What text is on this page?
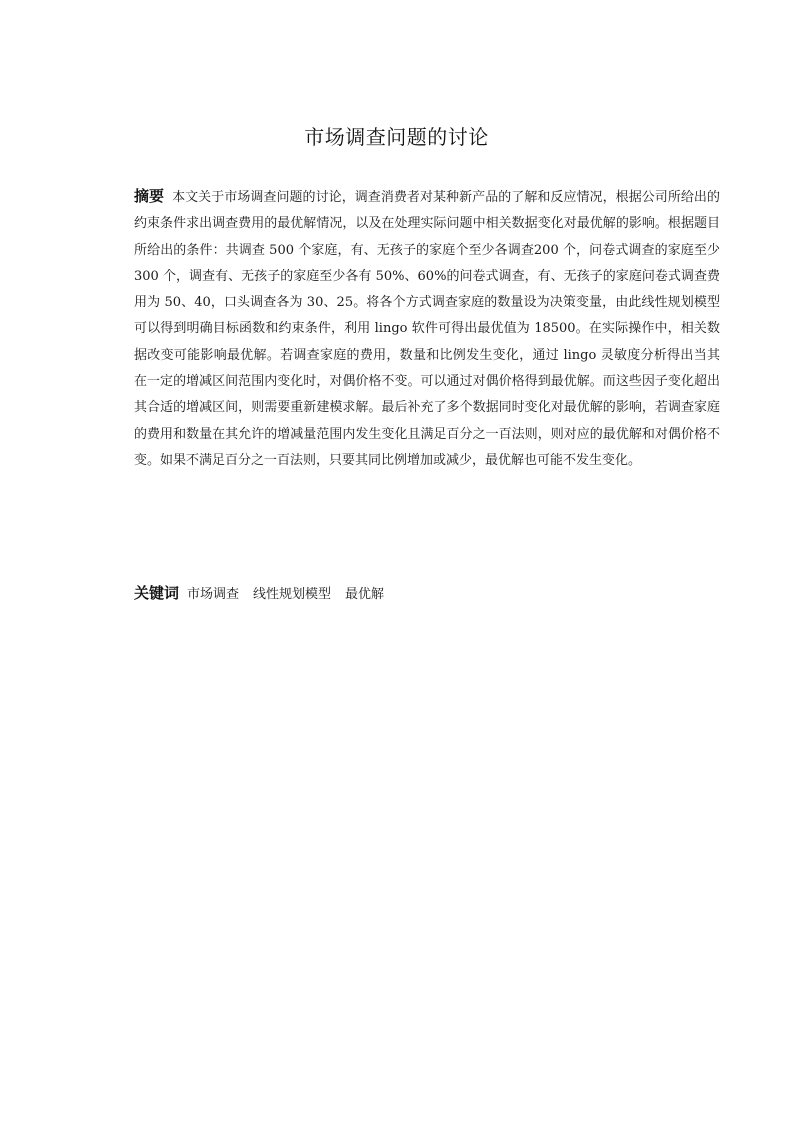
市场调查问题的讨论

摘要 本文关于市场调查问题的讨论，调查消费者对某种新产品的了解和反应情况，根据公司所给出的约束条件求出调查费用的最优解情况，以及在处理实际问题中相关数据变化对最优解的影响。根据题目所给出的条件：共调查 500 个家庭，有、无孩子的家庭个至少各调查200 个，问卷式调查的家庭至少 300 个，调查有、无孩子的家庭至少各有 50%、60%的问卷式调查，有、无孩子的家庭问卷式调查费用为 50、40，口头调查各为 30、25。将各个方式调查家庭的数量设为决策变量，由此线性规划模型可以得到明确目标函数和约束条件，利用 lingo 软件可得出最优值为 18500。在实际操作中，相关数据改变可能影响最优解。若调查家庭的费用，数量和比例发生变化，通过 lingo 灵敏度分析得出当其在一定的增减区间范围内变化时，对偶价格不变。可以通过对偶价格得到最优解。而这些因子变化超出其合适的增减区间，则需要重新建模求解。最后补充了多个数据同时变化对最优解的影响，若调查家庭的费用和数量在其允许的增减量范围内发生变化且满足百分之一百法则，则对应的最优解和对偶价格不变。如果不满足百分之一百法则，只要其同比例增加或减少，最优解也可能不发生变化。

关键词 市场调查 线性规划模型 最优解
